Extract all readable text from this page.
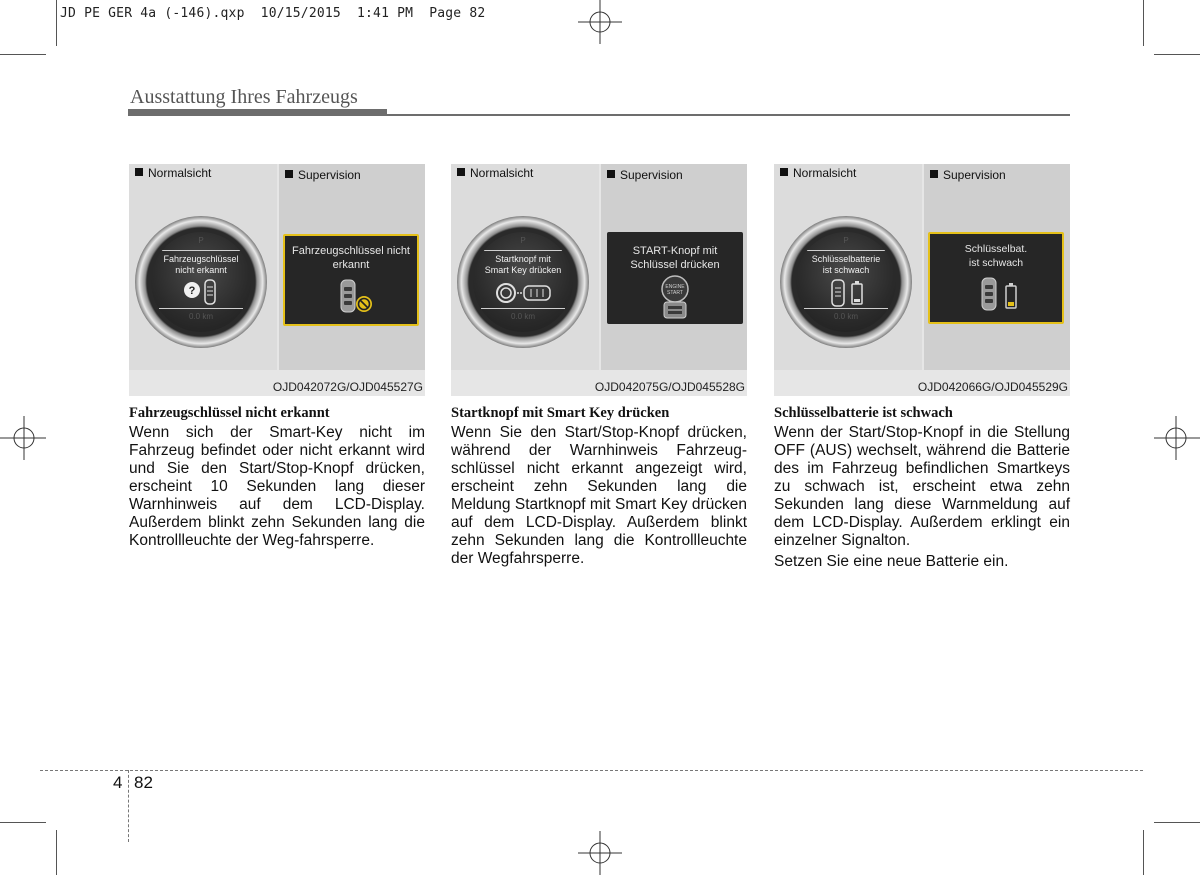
JD PE GER 4a (-146).qxp  10/15/2015  1:41 PM  Page 82
Ausstattung Ihres Fahrzeugs
Normalsicht
P
Fahrzeugschlüssel
nicht erkannt
?
0.0 km
Supervision
Fahrzeugschlüssel nicht
erkannt
OJD042072G/OJD045527G
Normalsicht
P
Startknopf mit
Smart Key drücken
0.0 km
Supervision
START-Knopf mit
Schlüssel drücken
ENGINE
START
OJD042075G/OJD045528G
Normalsicht
P
Schlüsselbatterie
ist schwach
0.0 km
Supervision
Schlüsselbat.
ist schwach
OJD042066G/OJD045529G
Fahrzeugschlüssel nicht erkannt

Wenn sich der Smart-Key nicht im Fahrzeug befindet oder nicht erkannt wird und Sie den Start/Stop-Knopf drücken, erscheint 10 Sekunden lang dieser Warnhinweis auf dem LCD-Display. Außerdem blinkt zehn Sekunden lang die Kontrollleuchte der Weg-fahrsperre.

Startknopf mit Smart Key drücken

Wenn Sie den Start/Stop-Knopf drücken, während der Warnhinweis Fahrzeug-schlüssel nicht erkannt angezeigt wird, erscheint zehn Sekunden lang die Meldung Startknopf mit Smart Key drücken auf dem LCD-Display. Außerdem blinkt zehn Sekunden lang die Kontrollleuchte der Wegfahrsperre.

Schlüsselbatterie ist schwach

Wenn der Start/Stop-Knopf in die Stellung OFF (AUS) wechselt, während die Batterie des im Fahrzeug befindlichen Smartkeys zu schwach ist, erscheint etwa zehn Sekunden lang diese Warnmeldung auf dem LCD-Display. Außerdem erklingt ein einzelner Signalton.

Setzen Sie eine neue Batterie ein.

4 82
